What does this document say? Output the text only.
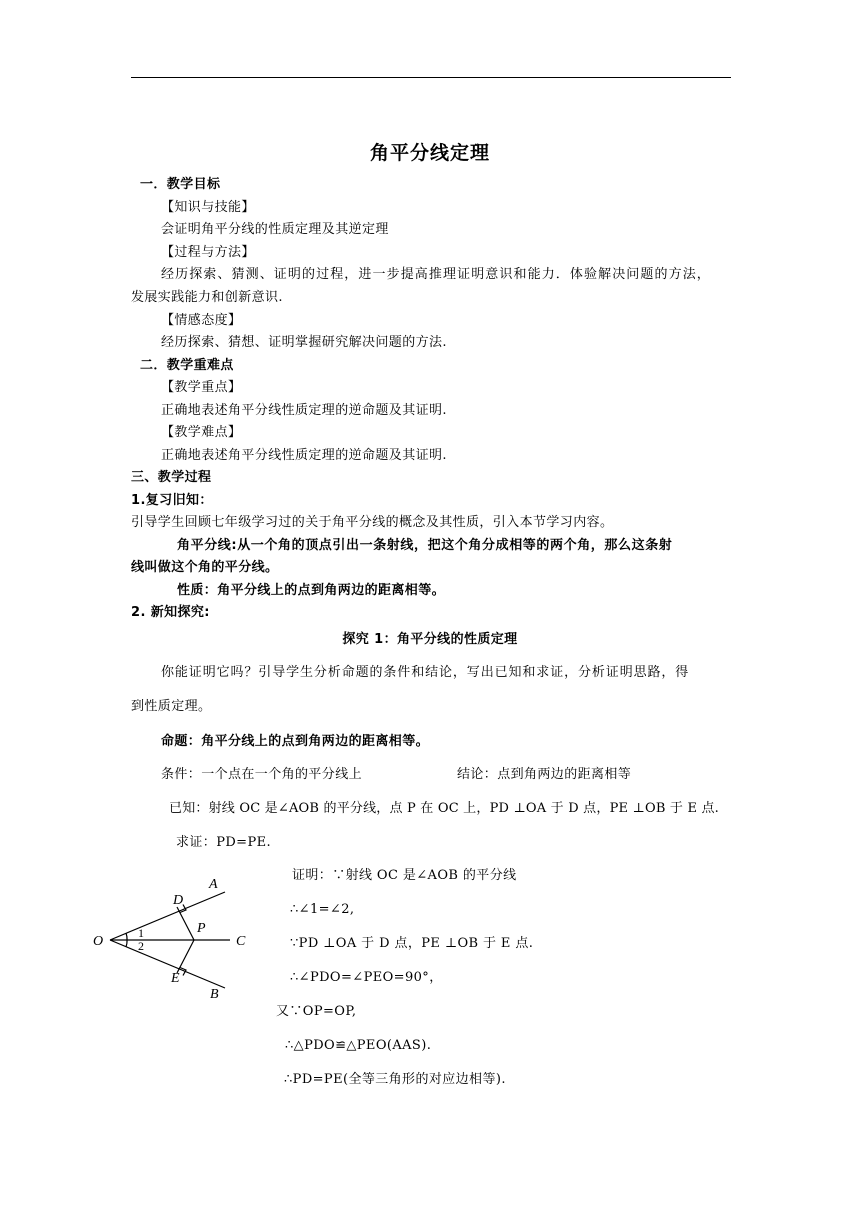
角平分线定理
一．教学目标
【知识与技能】
会证明角平分线的性质定理及其逆定理
【过程与方法】
经历探索、猜测、证明的过程，进一步提高推理证明意识和能力．体验解决问题的方法，
发展实践能力和创新意识.
【情感态度】
经历探索、猜想、证明掌握研究解决问题的方法.
二．教学重难点
【教学重点】
正确地表述角平分线性质定理的逆命题及其证明.
【教学难点】
正确地表述角平分线性质定理的逆命题及其证明.
三、教学过程
1.复习旧知：
引导学生回顾七年级学习过的关于角平分线的概念及其性质，引入本节学习内容。
角平分线:从一个角的顶点引出一条射线，把这个角分成相等的两个角，那么这条射
线叫做这个角的平分线。
性质：角平分线上的点到角两边的距离相等。
2. 新知探究:
探究 1：角平分线的性质定理
你能证明它吗？引导学生分析命题的条件和结论，写出已知和求证，分析证明思路，得
到性质定理。
命题：角平分线上的点到角两边的距离相等。
条件：一个点在一个角的平分线上	结论：点到角两边的距离相等
已知：射线 OC 是∠AOB 的平分线，点 P 在 OC 上，PD ⊥OA 于 D 点，PE ⊥OB 于 E 点.
求证：PD=PE.
证明：∵射线 OC 是∠AOB 的平分线
∴∠1=∠2,
∵PD ⊥OA 于 D 点，PE ⊥OB 于 E 点.
∴∠PDO=∠PEO=90°，
又∵OP=OP,
∴△PDO≌△PEO(AAS).
∴PD=PE(全等三角形的对应边相等).
A
D
O
P
C
E
B
1
2
